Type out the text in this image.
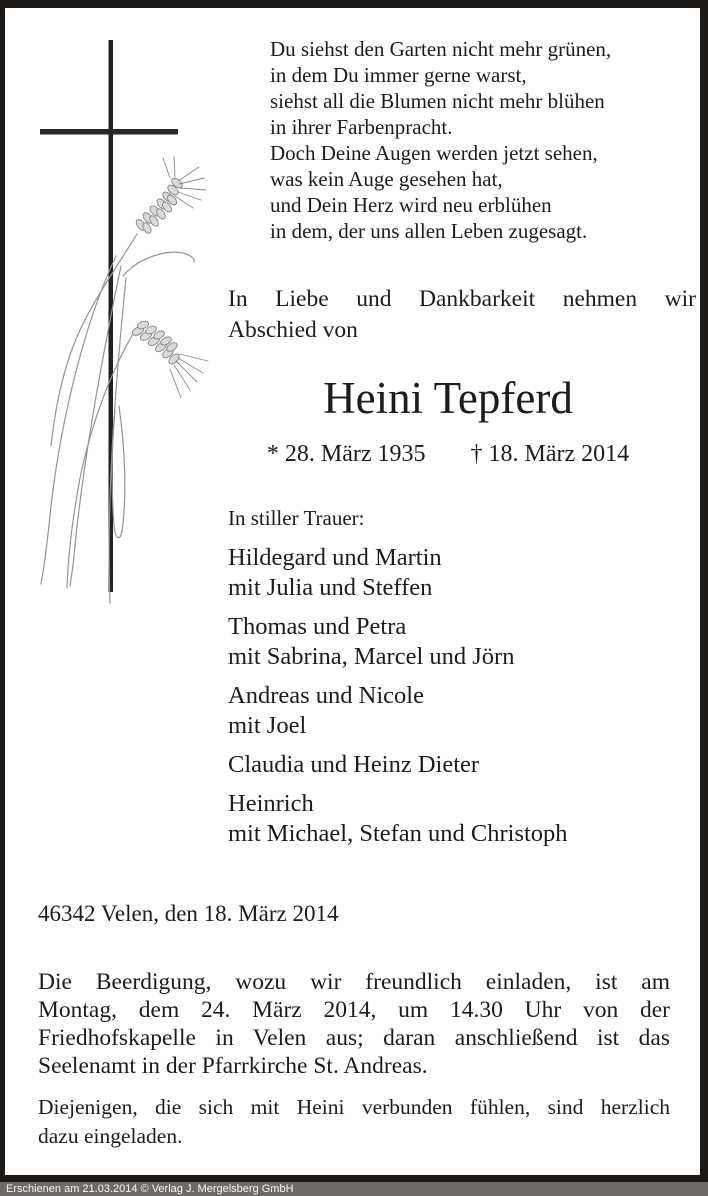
Du siehst den Garten nicht mehr grünen,
in dem Du immer gerne warst,
siehst all die Blumen nicht mehr blühen
in ihrer Farbenpracht.
Doch Deine Augen werden jetzt sehen,
was kein Auge gesehen hat,
und Dein Herz wird neu erblühen
in dem, der uns allen Leben zugesagt.
In Liebe und Dankbarkeit nehmen wir
Abschied von
Heini Tepferd
* 28. März 1935 † 18. März 2014
In stiller Trauer:
Hildegard und Martin
mit Julia und Steffen
Thomas und Petra
mit Sabrina, Marcel und Jörn
Andreas und Nicole
mit Joel
Claudia und Heinz Dieter
Heinrich
mit Michael, Stefan und Christoph
46342 Velen, den 18. März 2014
Die Beerdigung, wozu wir freundlich einladen, ist am
Montag, dem 24. März 2014, um 14.30 Uhr von der
Friedhofskapelle in Velen aus; daran anschließend ist das
Seelenamt in der Pfarrkirche St. Andreas.
Diejenigen, die sich mit Heini verbunden fühlen, sind herzlich
dazu eingeladen.
Erschienen am 21.03.2014 © Verlag J. Mergelsberg GmbH
